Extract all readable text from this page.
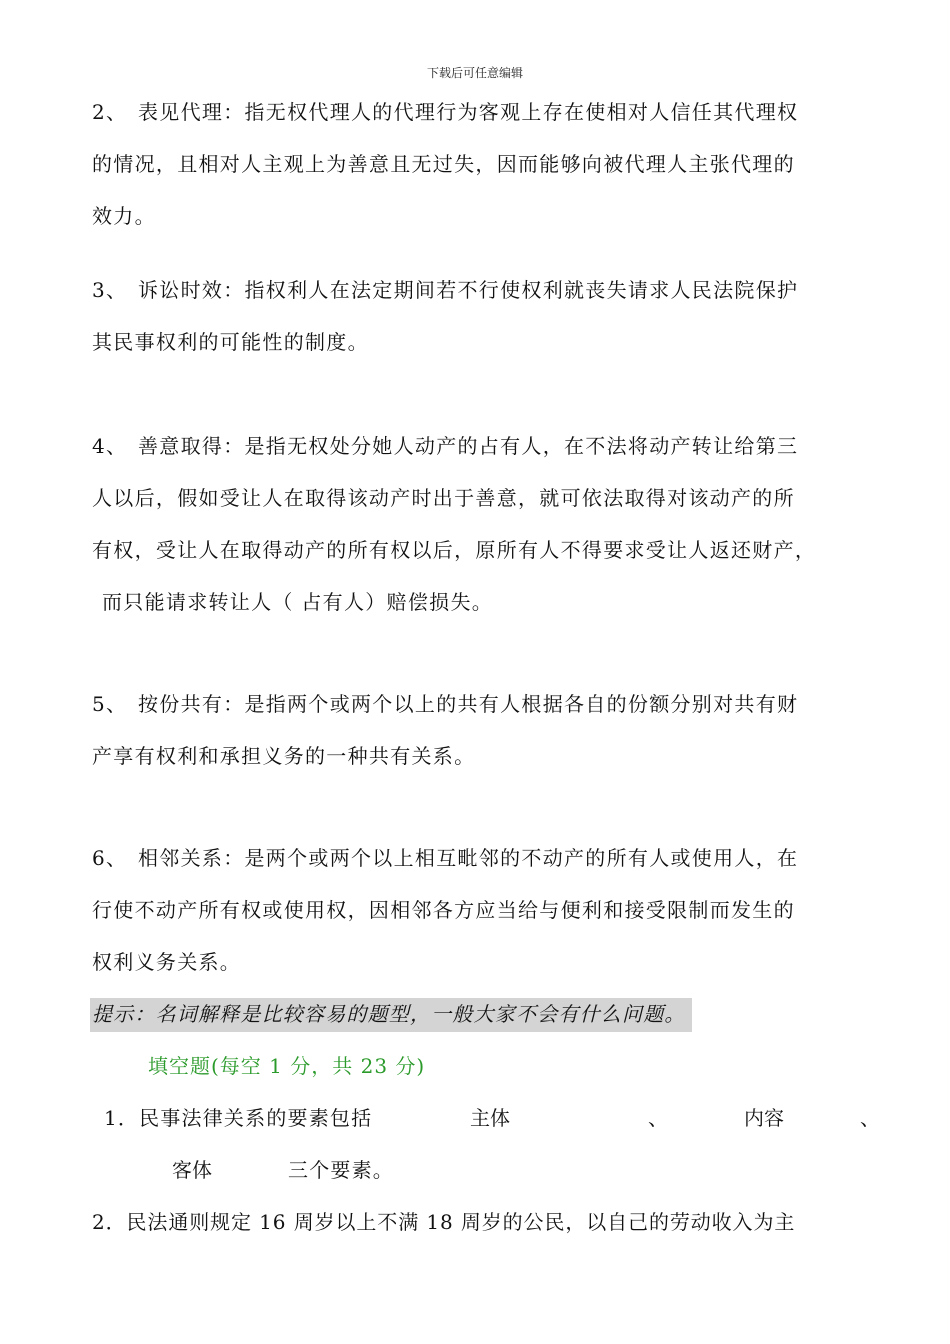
下载后可任意编辑
2、 表见代理：指无权代理人的代理行为客观上存在使相对人信任其代理权
的情况，且相对人主观上为善意且无过失，因而能够向被代理人主张代理的
效力。
3、 诉讼时效：指权利人在法定期间若不行使权利就丧失请求人民法院保护
其民事权利的可能性的制度。
4、 善意取得：是指无权处分她人动产的占有人，在不法将动产转让给第三
人以后，假如受让人在取得该动产时出于善意，就可依法取得对该动产的所
有权，受让人在取得动产的所有权以后，原所有人不得要求受让人返还财产，
而只能请求转让人（ 占有人）赔偿损失。
5、 按份共有：是指两个或两个以上的共有人根据各自的份额分别对共有财
产享有权利和承担义务的一种共有关系。
6、 相邻关系：是两个或两个以上相互毗邻的不动产的所有人或使用人，在
行使不动产所有权或使用权，因相邻各方应当给与便利和接受限制而发生的
权利义务关系。
提示：名词解释是比较容易的题型，一般大家不会有什么问题。
填空题(每空 1 分，共 23 分)
1．民事法律关系的要素包括	主体	、	内容	、
客体	三个要素。
2．民法通则规定 16 周岁以上不满 18 周岁的公民，以自己的劳动收入为主
